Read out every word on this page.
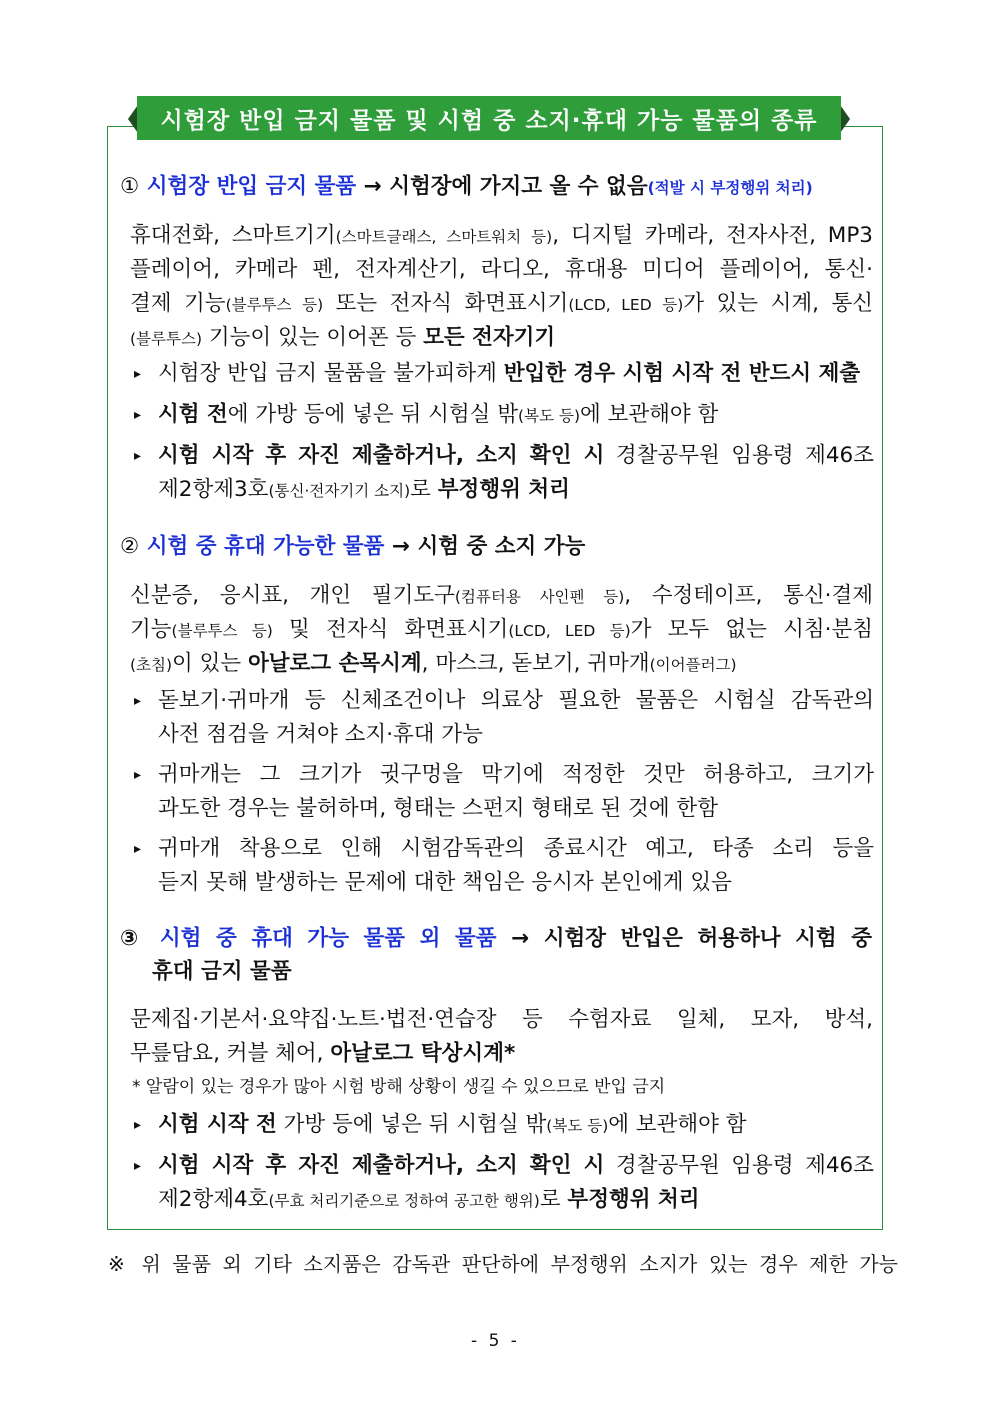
시험장 반입 금지 물품 및 시험 중 소지·휴대 가능 물품의 종류
① 시험장 반입 금지 물품 → 시험장에 가지고 올 수 없음(적발 시 부정행위 처리)
휴대전화, 스마트기기(스마트글래스, 스마트워치 등), 디지털 카메라, 전자사전, MP3
플레이어, 카메라 펜, 전자계산기, 라디오, 휴대용 미디어 플레이어, 통신·
결제 기능(블루투스 등) 또는 전자식 화면표시기(LCD, LED 등)가 있는 시계, 통신
(블루투스) 기능이 있는 이어폰 등 모든 전자기기
▸ 시험장 반입 금지 물품을 불가피하게 반입한 경우 시험 시작 전 반드시 제출
▸ 시험 전에 가방 등에 넣은 뒤 시험실 밖(복도 등)에 보관해야 함
▸ 시험 시작 후 자진 제출하거나, 소지 확인 시 경찰공무원 임용령 제46조
제2항제3호(통신·전자기기 소지)로 부정행위 처리
② 시험 중 휴대 가능한 물품 → 시험 중 소지 가능
신분증, 응시표, 개인 필기도구(컴퓨터용 사인펜 등), 수정테이프, 통신·결제
기능(블루투스 등) 및 전자식 화면표시기(LCD, LED 등)가 모두 없는 시침·분침
(초침)이 있는 아날로그 손목시계, 마스크, 돋보기, 귀마개(이어플러그)
▸ 돋보기·귀마개 등 신체조건이나 의료상 필요한 물품은 시험실 감독관의
사전 점검을 거쳐야 소지·휴대 가능
▸ 귀마개는 그 크기가 귓구멍을 막기에 적정한 것만 허용하고, 크기가
과도한 경우는 불허하며, 형태는 스펀지 형태로 된 것에 한함
▸ 귀마개 착용으로 인해 시험감독관의 종료시간 예고, 타종 소리 등을
듣지 못해 발생하는 문제에 대한 책임은 응시자 본인에게 있음
③ 시험 중 휴대 가능 물품 외 물품 → 시험장 반입은 허용하나 시험 중
휴대 금지 물품
문제집·기본서·요약집·노트·법전·연습장 등 수험자료 일체, 모자, 방석,
무릎담요, 커블 체어, 아날로그 탁상시계*
* 알람이 있는 경우가 많아 시험 방해 상황이 생길 수 있으므로 반입 금지
▸ 시험 시작 전 가방 등에 넣은 뒤 시험실 밖(복도 등)에 보관해야 함
▸ 시험 시작 후 자진 제출하거나, 소지 확인 시 경찰공무원 임용령 제46조
제2항제4호(무효 처리기준으로 정하여 공고한 행위)로 부정행위 처리
※ 위 물품 외 기타 소지품은 감독관 판단하에 부정행위 소지가 있는 경우 제한 가능
- 5 -
